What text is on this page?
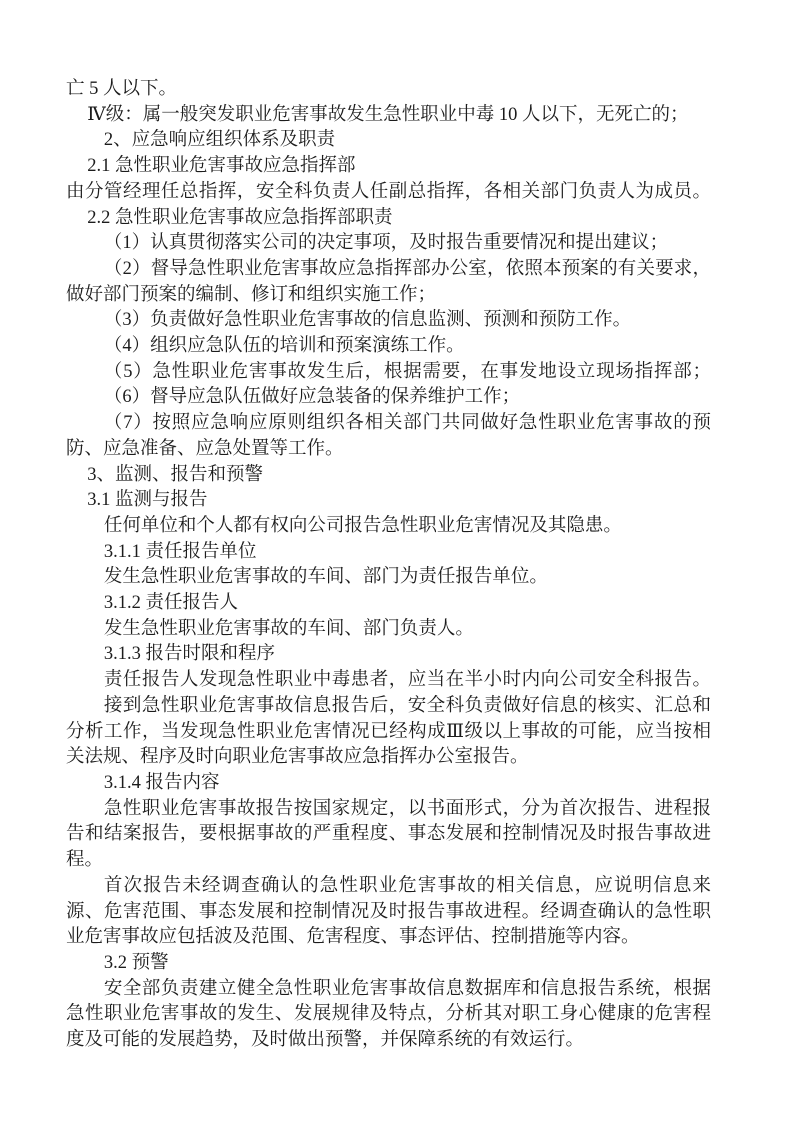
亡 5 人以下。

Ⅳ级：属一般突发职业危害事故发生急性职业中毒 10 人以下，无死亡的；

2、应急响应组织体系及职责

2.1 急性职业危害事故应急指挥部

由分管经理任总指挥，安全科负责人任副总指挥，各相关部门负责人为成员。

2.2 急性职业危害事故应急指挥部职责

（1）认真贯彻落实公司的决定事项，及时报告重要情况和提出建议；

（2）督导急性职业危害事故应急指挥部办公室，依照本预案的有关要求，做好部门预案的编制、修订和组织实施工作；

（3）负责做好急性职业危害事故的信息监测、预测和预防工作。

（4）组织应急队伍的培训和预案演练工作。

（5）急性职业危害事故发生后，根据需要，在事发地设立现场指挥部；

（6）督导应急队伍做好应急装备的保养维护工作；

（7）按照应急响应原则组织各相关部门共同做好急性职业危害事故的预防、应急准备、应急处置等工作。

3、监测、报告和预警

3.1 监测与报告

任何单位和个人都有权向公司报告急性职业危害情况及其隐患。

3.1.1 责任报告单位

发生急性职业危害事故的车间、部门为责任报告单位。

3.1.2 责任报告人

发生急性职业危害事故的车间、部门负责人。

3.1.3 报告时限和程序

责任报告人发现急性职业中毒患者，应当在半小时内向公司安全科报告。

接到急性职业危害事故信息报告后，安全科负责做好信息的核实、汇总和分析工作，当发现急性职业危害情况已经构成Ⅲ级以上事故的可能，应当按相关法规、程序及时向职业危害事故应急指挥办公室报告。

3.1.4 报告内容

急性职业危害事故报告按国家规定，以书面形式，分为首次报告、进程报告和结案报告，要根据事故的严重程度、事态发展和控制情况及时报告事故进程。

首次报告未经调查确认的急性职业危害事故的相关信息，应说明信息来源、危害范围、事态发展和控制情况及时报告事故进程。经调查确认的急性职业危害事故应包括波及范围、危害程度、事态评估、控制措施等内容。

3.2 预警

安全部负责建立健全急性职业危害事故信息数据库和信息报告系统，根据急性职业危害事故的发生、发展规律及特点，分析其对职工身心健康的危害程度及可能的发展趋势，及时做出预警，并保障系统的有效运行。
